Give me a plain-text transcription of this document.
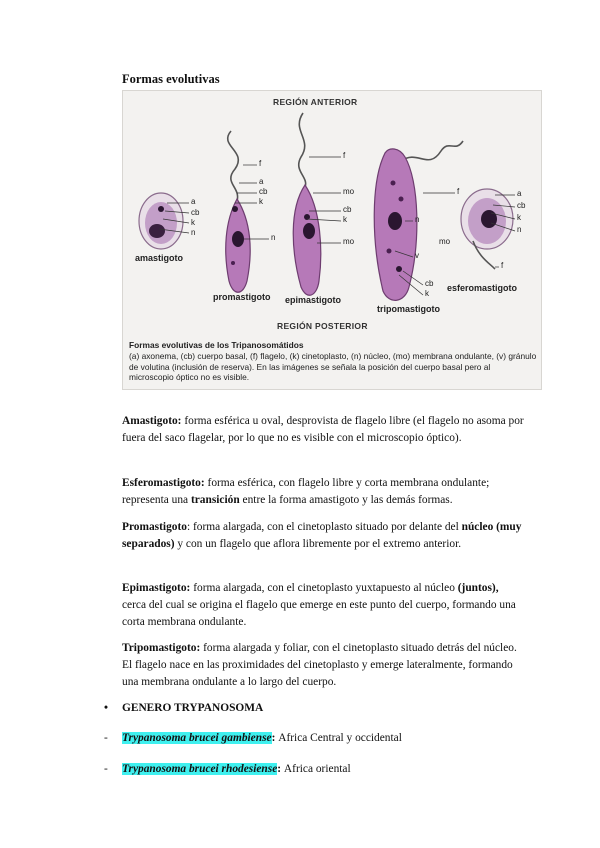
Formas evolutivas
REGIÓN ANTERIOR
REGIÓN POSTERIOR
amastigoto
promastigoto epimastigoto
tripomastigoto
esferomastigoto
a
cb
k
n
f
a
cb
k
n
f
mo
cb
k
mo
f
n
v
cb
k
a
cb
k
n
mo
f
Formas evolutivas de los Tripanosomátidos
(a) axonema, (cb) cuerpo basal, (f) flagelo, (k) cinetoplasto, (n) núcleo, (mo) membrana ondulante, (v) gránulo de volutina (inclusión de reserva). En las imágenes se señala la posición del cuerpo basal pero al microscopio óptico no es visible.
Amastigoto: forma esférica u oval, desprovista de flagelo libre (el flagelo no asoma por fuera del saco flagelar, por lo que no es visible con el microscopio óptico).
Esferomastigoto: forma esférica, con flagelo libre y corta membrana ondulante; representa una transición entre la forma amastigoto y las demás formas.
Promastigoto: forma alargada, con el cinetoplasto situado por delante del núcleo (muy separados) y con un flagelo que aflora libremente por el extremo anterior.
Epimastigoto: forma alargada, con el cinetoplasto yuxtapuesto al núcleo (juntos), cerca del cual se origina el flagelo que emerge en este punto del cuerpo, formando una corta membrana ondulante.
Tripomastigoto: forma alargada y foliar, con el cinetoplasto situado detrás del núcleo. El flagelo nace en las proximidades del cinetoplasto y emerge lateralmente, formando una membrana ondulante a lo largo del cuerpo.
• GENERO TRYPANOSOMA
- Trypanosoma brucei gambiense: Africa Central y occidental
- Trypanosoma brucei rhodesiense: Africa oriental
